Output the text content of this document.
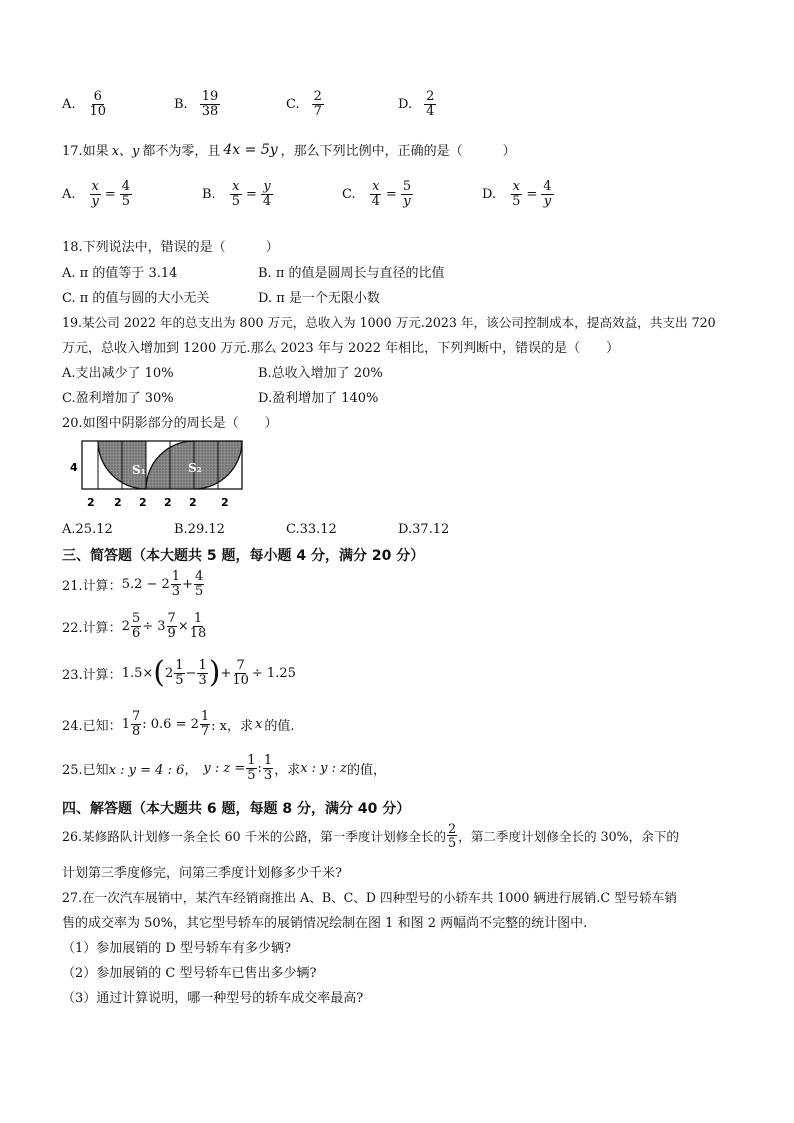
A. $\frac{6}{10}$	B. $\frac{19}{38}$	C. $\frac{2}{7}$	D. $\frac{2}{4}$
17.如果 x、y 都不为零，且 4x = 5y ，那么下列比例中，正确的是（	）
A. $\frac{x}{y} = \frac{4}{5}$	B. $\frac{x}{5} = \frac{y}{4}$	C. $\frac{x}{4} = \frac{5}{y}$	D. $\frac{x}{5} = \frac{4}{y}$
18.下列说法中，错误的是（	）
A. π 的值等于 3.14	B. π 的值是圆周长与直径的比值
C. π 的值与圆的大小无关	D. π 是一个无限小数
19.某公司 2022 年的总支出为 800 万元，总收入为 1000 万元.2023 年，该公司控制成本，提高效益，共支出 720
万元，总收入增加到 1200 万元.那么 2023 年与 2022 年相比，下列判断中，错误的是（　　）
A.支出减少了 10%	B.总收入增加了 20%
C.盈利增加了 30%	D.盈利增加了 140%
20.如图中阴影部分的周长是（　　）
4	S₁	S₂
2 2 2 2 2 2
A.25.12	B.29.12	C.33.12	D.37.12
三、简答题（本大题共 5 题，每小题 4 分，满分 20 分）
21.计算： 5.2 − 2
1
$3 + \frac{4}{5}$
22.计算： $2 \frac{5}{6} \div 3 \frac{7}{9} \times \frac{1}{18}$
23.计算： 1.5× ( 2
1
$5 - \frac{1}{3}$ ) + $\frac{7}{10} \div 1.25$
24.已知： 1
7
8 : 0.6 = 2
1
7 : x，求 x 的值.
25.已知 x : y = 4 : 6， y : $z = \frac{1}{5}$ :
1
3 ，求 x : y : z 的值，
四、解答题（本大题共 6 题，每题 8 分，满分 40 分）
26.某修路队计划修一条全长 60 千米的公路，第一季度计划修全长的
2
5 ，第二季度计划修全长的 30%，余下的
计划第三季度修完，问第三季度计划修多少千米?
27.在一次汽车展销中，某汽车经销商推出 A、B、C、D 四种型号的小轿车共 1000 辆进行展销.C 型号轿车销
售的成交率为 50%，其它型号轿车的展销情况绘制在图 1 和图 2 两幅尚不完整的统计图中.
（1）参加展销的 D 型号轿车有多少辆?
（2）参加展销的 C 型号轿车已售出多少辆?
（3）通过计算说明，哪一种型号的轿车成交率最高?
